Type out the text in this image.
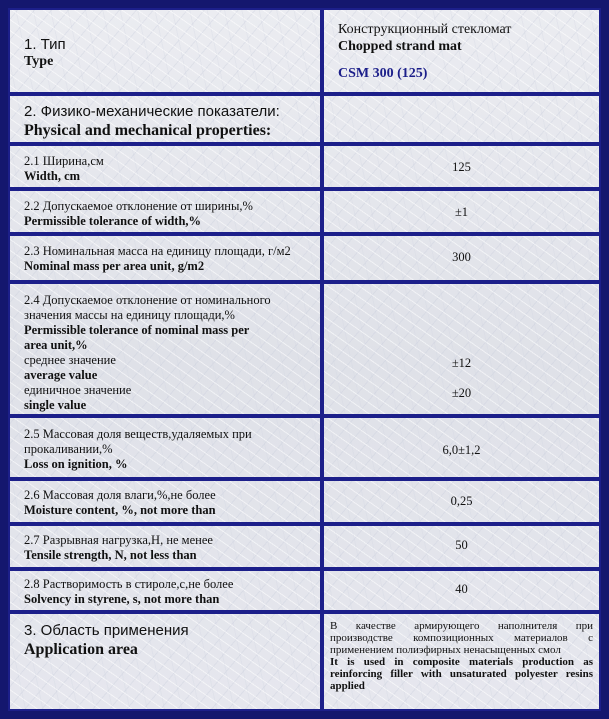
1. Тип
Type
Конструкционный стекломат
Chopped strand mat
CSM 300 (125)
2. Физико-механические показатели:
Physical and mechanical properties:
2.1 Ширина,см
Width, cm
125
2.2 Допускаемое отклонение от ширины,%
Permissible tolerance of width,%
±1
2.3 Номинальная масса на единицу площади, г/м2
Nominal mass per area unit, g/m2
300
2.4 Допускаемое отклонение от номинального
значения массы на единицу площади,%
Permissible tolerance of nominal mass per
area unit,%
среднее значение
average value
единичное значение
single value
±12
±20
2.5 Массовая доля веществ,удаляемых при
прокаливании,%
Loss on ignition, %
6,0±1,2
2.6 Массовая доля влаги,%,не более
Moisture content, %, not more than
0,25
2.7 Разрывная нагрузка,Н, не менее
Tensile strength, N, not less than
50
2.8 Растворимость в стироле,с,не более
Solvency in styrene, s, not more than
40
3. Область применения
Application area
В качестве армирующего наполнителя при производстве композиционных материалов с применением полиэфирных ненасыщенных смол
It is used in composite materials production as reinforcing filler with unsaturated polyester resins applied
